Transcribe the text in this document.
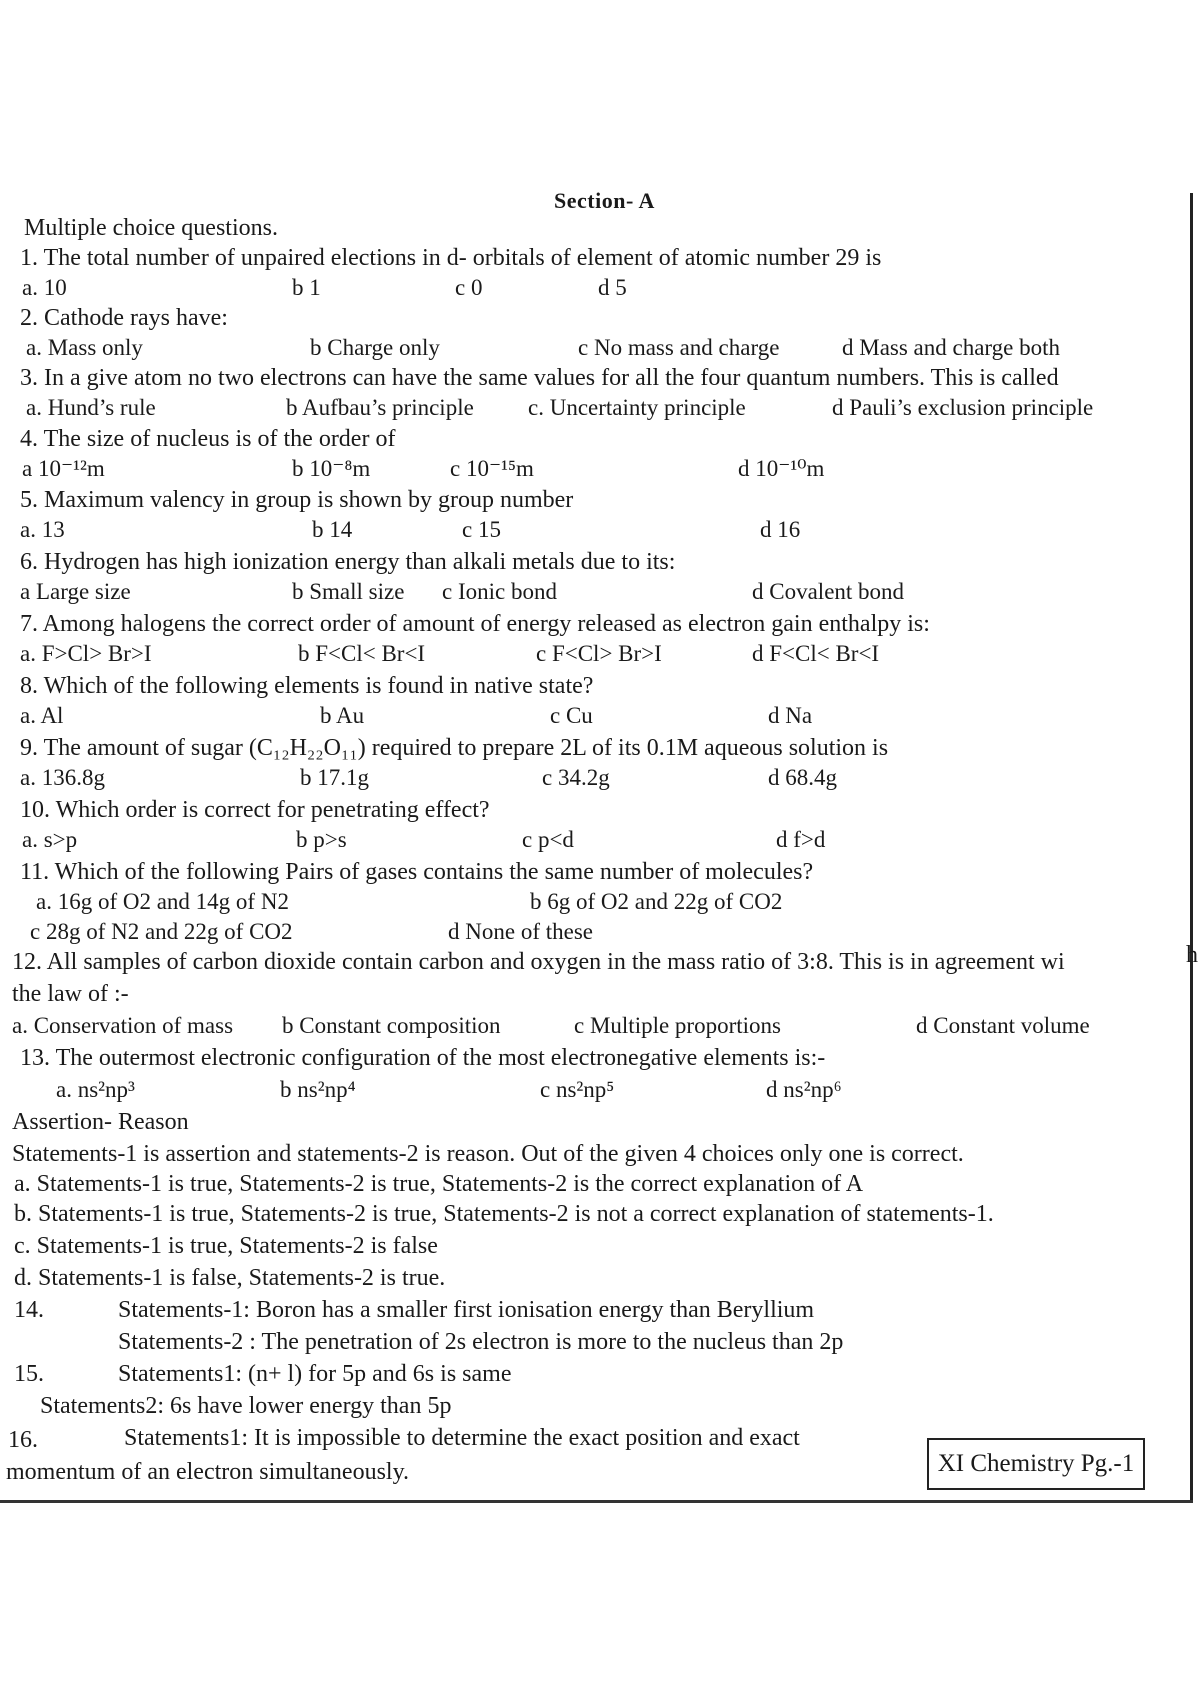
Section- A
Multiple choice questions.
1. The total number of unpaired elections in d- orbitals of element of atomic number 29 is
a. 10	b 1	c 0	d 5
2. Cathode rays have:
a. Mass only	b Charge only	c No mass and charge	d Mass and charge both
3. In a give atom no two electrons can have the same values for all the four quantum numbers. This is called
a. Hund’s rule	b Aufbau’s principle c. Uncertainty principle	d Pauli’s exclusion principle
4. The size of nucleus is of the order of
a 10⁻¹²m	b 10⁻⁸m	c 10⁻¹⁵m	d 10⁻¹⁰m
5. Maximum valency in group is shown by group number
a. 13	b 14	c 15	d 16
6. Hydrogen has high ionization energy than alkali metals due to its:
a Large size	b Small size c Ionic bond	d Covalent bond
7. Among halogens the correct order of amount of energy released as electron gain enthalpy is:
a. F>Cl> Br>I	b F<Cl< Br<I	c F<Cl> Br>I	d F<Cl< Br<I
8. Which of the following elements is found in native state?
a. Al	b Au	c Cu	d Na
9. The amount of sugar (C₁₂H₂₂O₁₁) required to prepare 2L of its 0.1M aqueous solution is
a. 136.8g	b 17.1g	c 34.2g	d 68.4g
10. Which order is correct for penetrating effect?
a. s>p	b p>s	c p<d	d f>d
11. Which of the following Pairs of gases contains the same number of molecules?
a. 16g of O2 and 14g of N2	b 6g of O2 and 22g of CO2
c 28g of N2 and 22g of CO2	d None of these
12. All samples of carbon dioxide contain carbon and oxygen in the mass ratio of 3:8. This is in agreement wi	h
the law of :-
a. Conservation of mass b Constant composition	c Multiple proportions	d Constant volume
13. The outermost electronic configuration of the most electronegative elements is:-
a. ns²np³	b ns²np⁴	c ns²np⁵	d ns²np⁶
Assertion- Reason
Statements-1 is assertion and statements-2 is reason. Out of the given 4 choices only one is correct.
a. Statements-1 is true, Statements-2 is true, Statements-2 is the correct explanation of A
b. Statements-1 is true, Statements-2 is true, Statements-2 is not a correct explanation of statements-1.
c. Statements-1 is true, Statements-2 is false
d. Statements-1 is false, Statements-2 is true.
14.	Statements-1: Boron has a smaller first ionisation energy than Beryllium
Statements-2 : The penetration of 2s electron is more to the nucleus than 2p
15.	Statements1: (n+ l) for 5p and 6s is same
Statements2: 6s have lower energy than 5p
16.	Statements1: It is impossible to determine the exact position and exact
momentum of an electron simultaneously.	XI Chemistry Pg.-1
